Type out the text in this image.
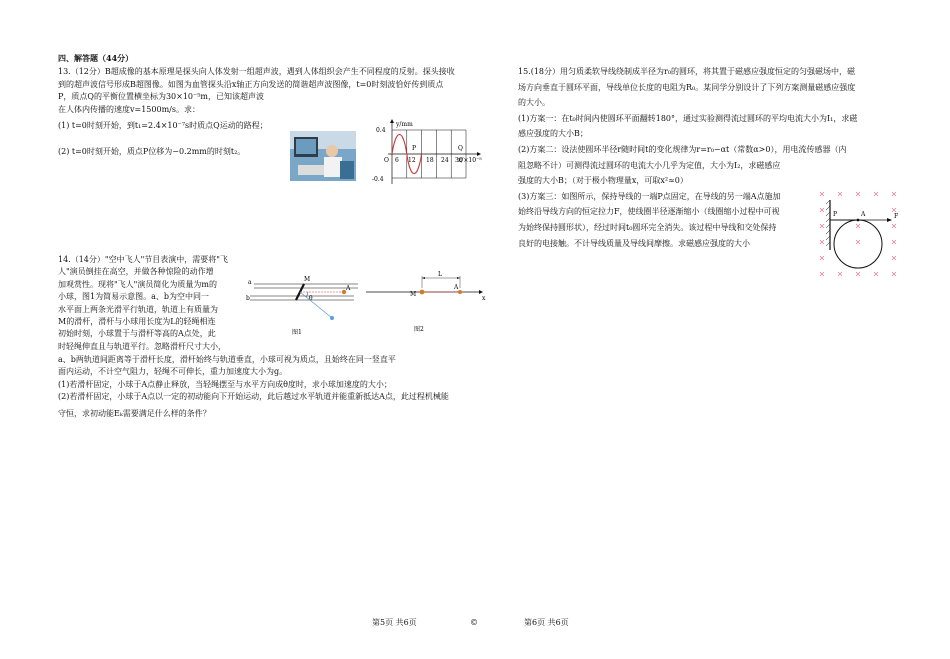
四、解答题（44分）

13.（12分）B超成像的基本原理是探头向人体发射一组超声波，遇到人体组织会产生不同程度的反射。探头接收

到的超声波信号形成B超图像。如图为血管探头沿x轴正方向发送的简谐超声波图像，t=0时刻波恰好传到质点

P，质点Q的平衡位置横坐标为30×10⁻⁵m，已知该超声波

在人体内传播的速度v=1500m/s。求：

(1) t=0时刻开始，到t₁=2.4×10⁻⁷s时质点Q运动的路程；

(2) t=0时刻开始，质点P位移为−0.2mm的时刻t₂。

y/mm
0.4
-0.4
O 6 12 18 24 30
P	Q
x/×10⁻⁵

14.（14分）"空中飞人"节目表演中，需要将"飞

人"演员倒挂在高空，并做各种惊险的动作增

加观赏性。现将"飞人"演员简化为质量为m的

小球，图1为简易示意图。a、b为空中同一

水平面上两条光滑平行轨道，轨道上有质量为

M的滑杆，滑杆与小球用长度为L的轻绳相连

初始时刻，小球置于与滑杆等高的A点处，此

时轻绳伸直且与轨道平行。忽略滑杆尺寸大小，

a、b两轨道间距离等于滑杆长度，滑杆始终与轨道垂直，小球可视为质点，且始终在同一竖直平

面内运动，不计空气阻力，轻绳不可伸长，重力加速度大小为g。

(1)若滑杆固定，小球于A点静止释放，当轻绳摆至与水平方向成θ度时，求小球加速度的大小；

(2)若滑杆固定，小球于A点以一定的初动能向下开始运动，此后越过水平轨道并能重新抵达A点，此过程机械能

守恒，求初动能Eₖ需要满足什么样的条件？

a
b
M
θ
A
图1
M
L
A
x
图2

15.(18分）用匀质柔软导线绕制成半径为r₀的圆环，将其置于磁感应强度恒定的匀强磁场中，磁

场方向垂直于圆环平面，导线单位长度的电阻为R₀。某同学分别设计了下列方案测量磁感应强度

的大小。

(1)方案一：在t₀时间内使圆环平面翻转180°，通过实验测得流过圆环的平均电流大小为I₁，求磁

感应强度的大小B；

(2)方案二：设法使圆环半径r随时间t的变化规律为r=r₀−αt（常数α>0），用电流传感器（内

阻忽略不计）可测得流过圆环的电流大小几乎为定值，大小为I₂，求磁感应

强度的大小B；（对于极小物理量x，可取x²≈0）

(3)方案三：如图所示，保持导线的一端P点固定，在导线的另一端A点施加

始终沿导线方向的恒定拉力F，使线圈半径逐渐缩小（线圈缩小过程中可视

为始终保持圆形状），经过时间t₀圆环完全消失。该过程中导线和交处保持

良好的电接触。不计导线质量及导线间摩擦。求磁感应强度的大小

P	A	F
第5页 共6页	©	第6页 共6页
